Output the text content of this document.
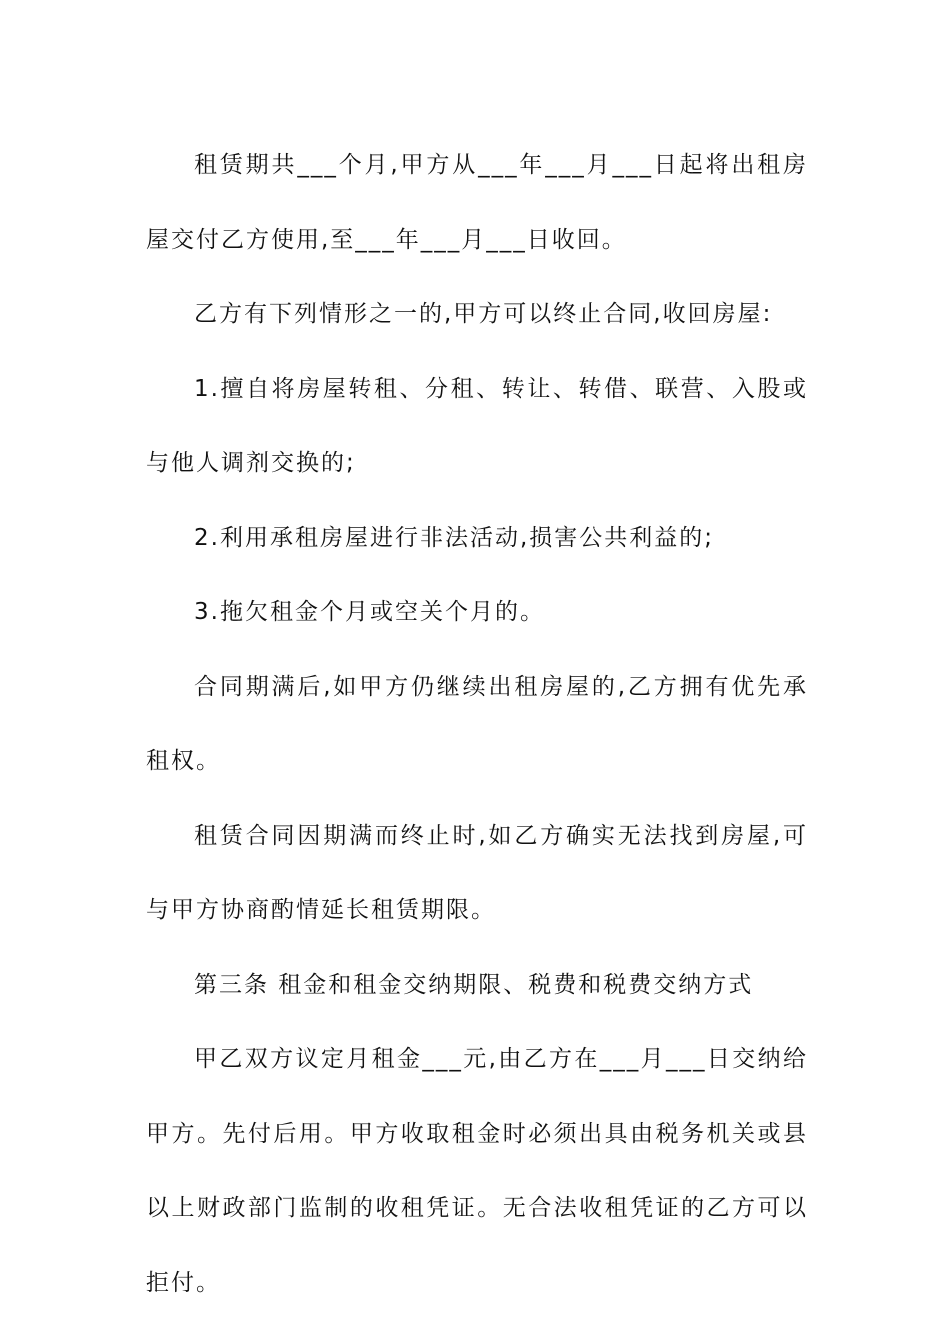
租赁期共___个月,甲方从___年___月___日起将出租房屋交付乙方使用,至___年___月___日收回。

乙方有下列情形之一的,甲方可以终止合同,收回房屋:

1.擅自将房屋转租、分租、转让、转借、联营、入股或与他人调剂交换的;

2.利用承租房屋进行非法活动,损害公共利益的;

3.拖欠租金个月或空关个月的。

合同期满后,如甲方仍继续出租房屋的,乙方拥有优先承租权。

租赁合同因期满而终止时,如乙方确实无法找到房屋,可与甲方协商酌情延长租赁期限。

第三条 租金和租金交纳期限、税费和税费交纳方式

甲乙双方议定月租金___元,由乙方在___月___日交纳给甲方。先付后用。甲方收取租金时必须出具由税务机关或县以上财政部门监制的收租凭证。无合法收租凭证的乙方可以拒付。
